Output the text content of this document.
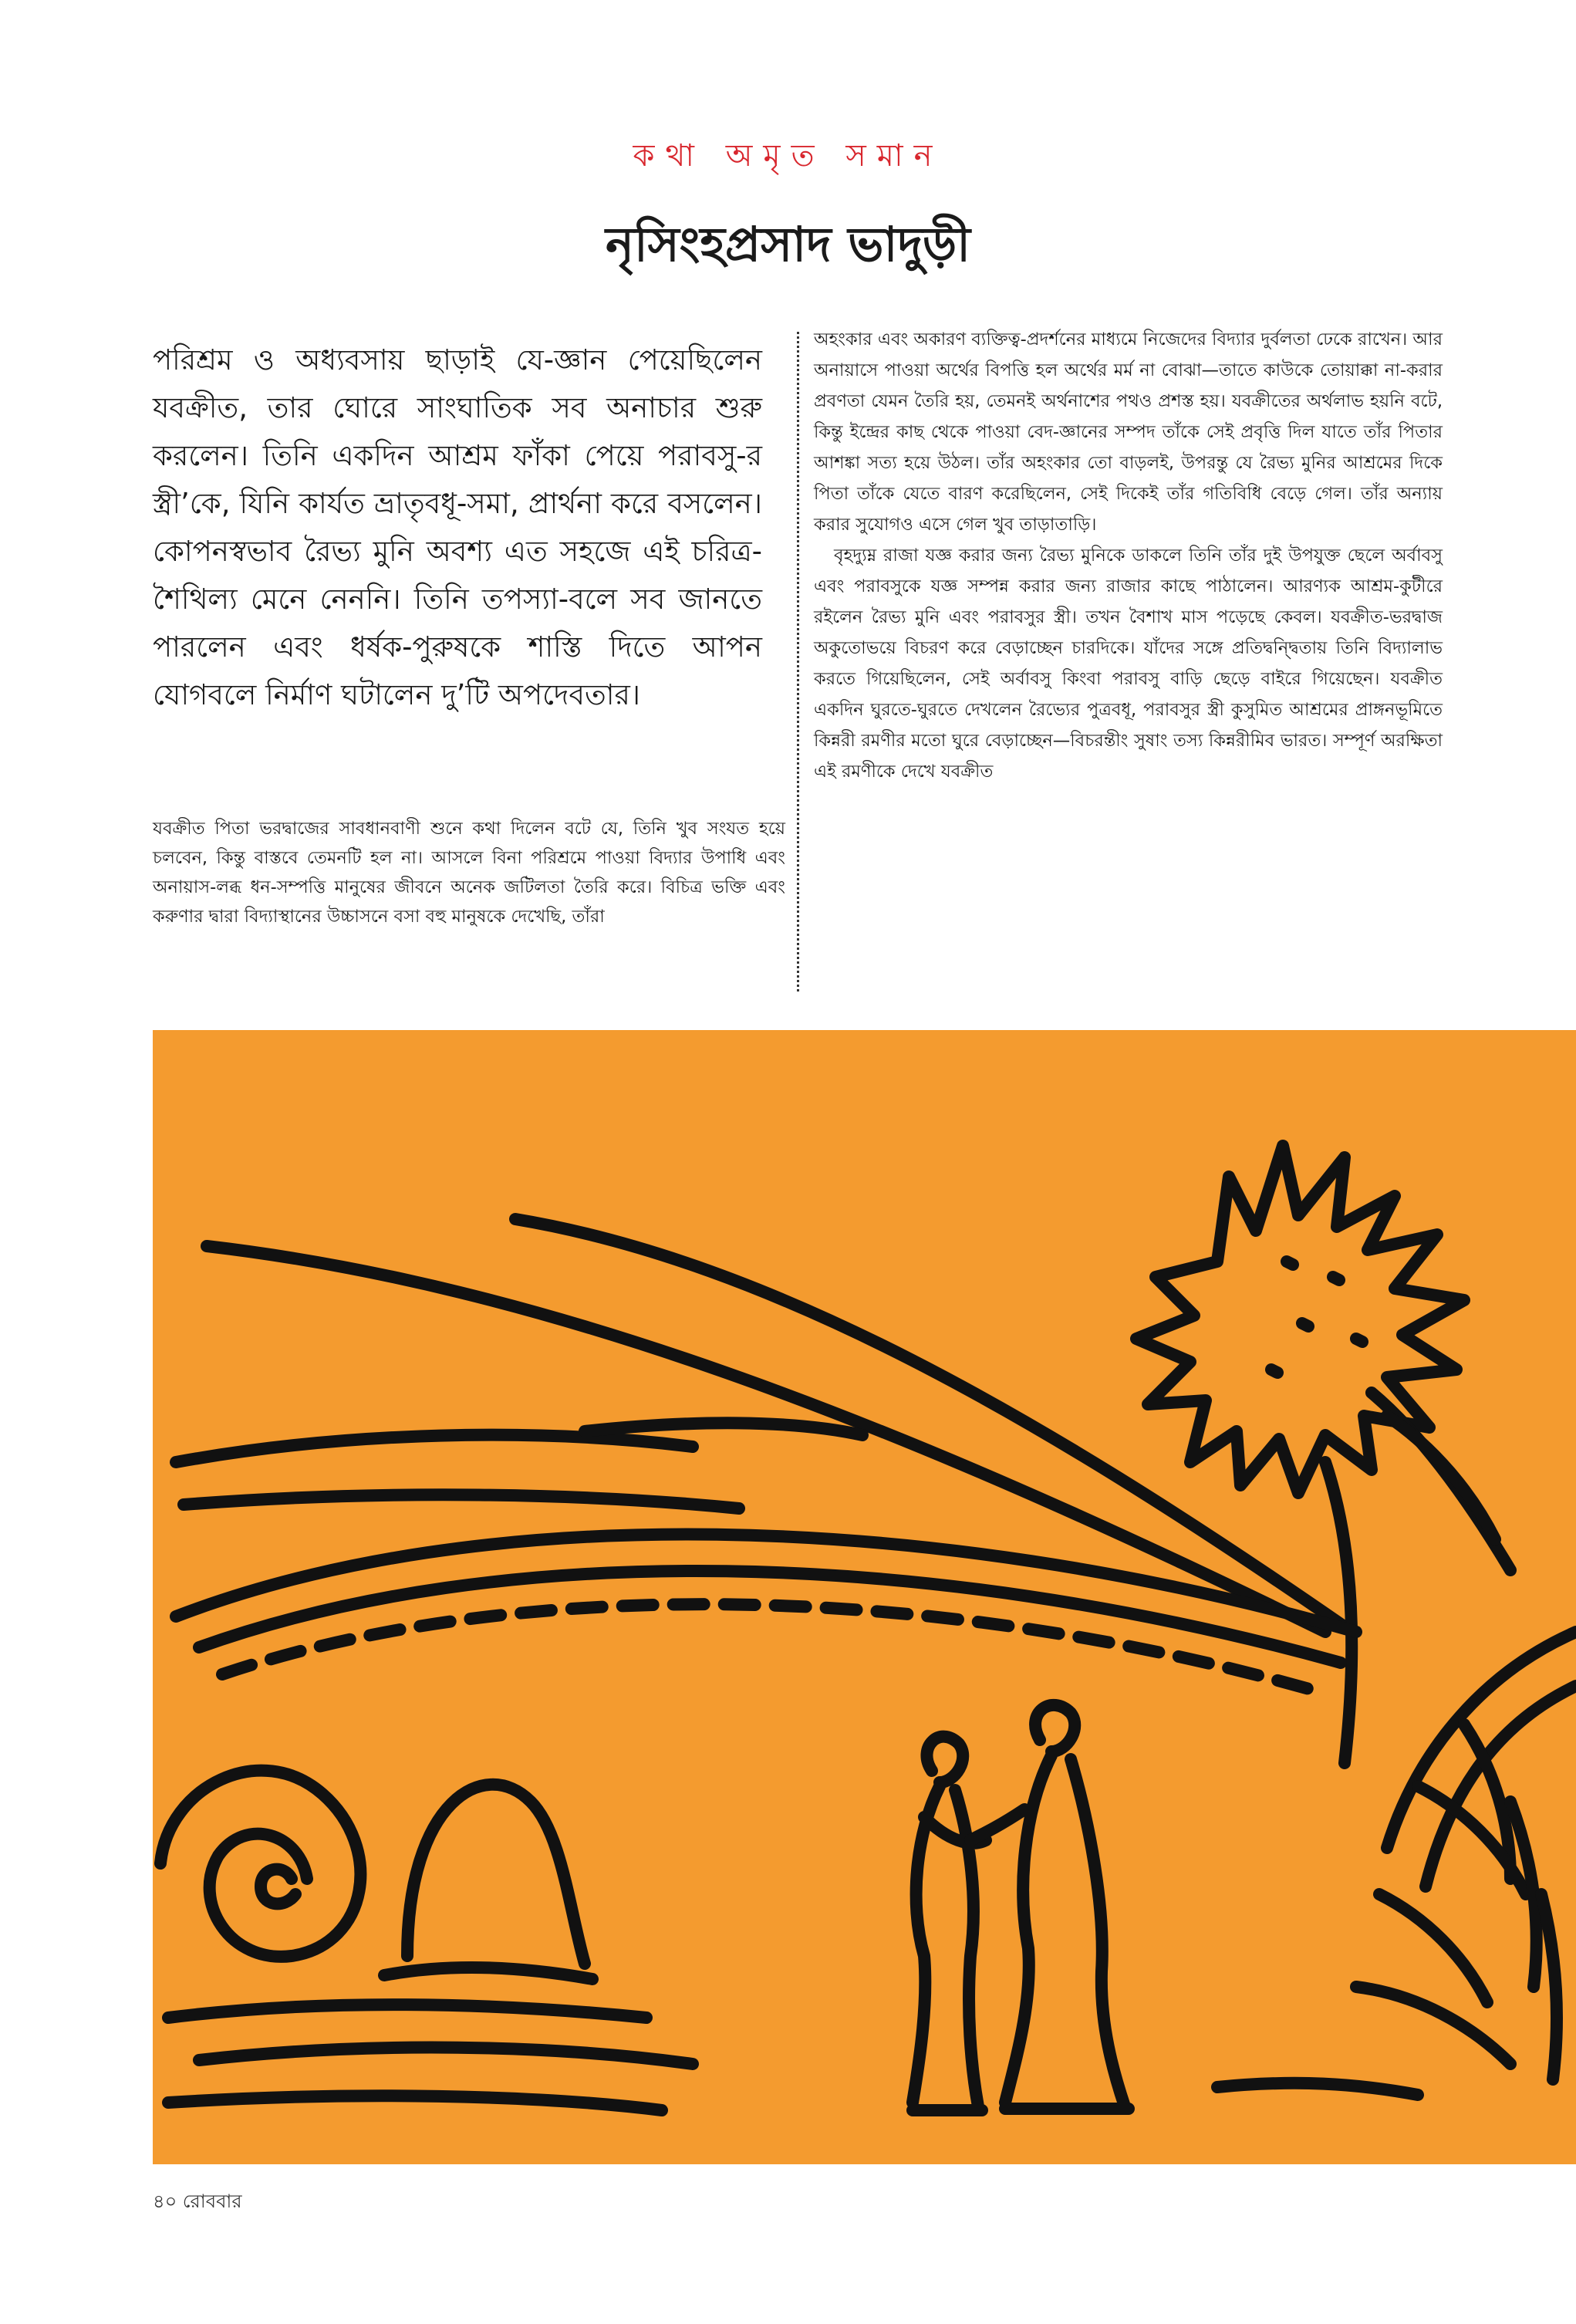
কথা অমৃত সমান
নৃসিংহপ্রসাদ ভাদুড়ী
পরিশ্রম ও অধ্যবসায় ছাড়াই যে-জ্ঞান পেয়েছিলেন যবক্রীত, তার ঘোরে সাংঘাতিক সব অনাচার শুরু করলেন। তিনি একদিন আশ্রম ফাঁকা পেয়ে পরাবসু-র স্ত্রী’কে, যিনি কার্যত ভ্রাতৃবধূ-সমা, প্রার্থনা করে বসলেন। কোপনস্বভাব রৈভ্য মুনি অবশ্য এত সহজে এই চরিত্র-শৈথিল্য মেনে নেননি। তিনি তপস্যা-বলে সব জানতে পারলেন এবং ধর্ষক-পুরুষকে শাস্তি দিতে আপন যোগবলে নির্মাণ ঘটালেন দু’টি অপদেবতার।
যবক্রীত পিতা ভরদ্বাজের সাবধানবাণী শুনে কথা দিলেন বটে যে, তিনি খুব সংযত হয়ে চলবেন, কিন্তু বাস্তবে তেমনটি হল না। আসলে বিনা পরিশ্রমে পাওয়া বিদ্যার উপাধি এবং অনায়াস-লব্ধ ধন-সম্পত্তি মানুষের জীবনে অনেক জটিলতা তৈরি করে। বিচিত্র ভক্তি এবং করুণার দ্বারা বিদ্যাস্থানের উচ্চাসনে বসা বহু মানুষকে দেখেছি, তাঁরা

অহংকার এবং অকারণ ব্যক্তিত্ব-প্রদর্শনের মাধ্যমে নিজেদের বিদ্যার দুর্বলতা ঢেকে রাখেন। আর অনায়াসে পাওয়া অর্থের বিপত্তি হল অর্থের মর্ম না বোঝা—তাতে কাউকে তোয়াক্কা না-করার প্রবণতা যেমন তৈরি হয়, তেমনই অর্থনাশের পথও প্রশস্ত হয়। যবক্রীতের অর্থলাভ হয়নি বটে, কিন্তু ইন্দ্রের কাছ থেকে পাওয়া বেদ-জ্ঞানের সম্পদ তাঁকে সেই প্রবৃত্তি দিল যাতে তাঁর পিতার আশঙ্কা সত্য হয়ে উঠল। তাঁর অহংকার তো বাড়লই, উপরন্তু যে রৈভ্য মুনির আশ্রমের দিকে পিতা তাঁকে যেতে বারণ করেছিলেন, সেই দিকেই তাঁর গতিবিধি বেড়ে গেল। তাঁর অন্যায় করার সুযোগও এসে গেল খুব তাড়াতাড়ি।

বৃহদ্যুম্ন রাজা যজ্ঞ করার জন্য রৈভ্য মুনিকে ডাকলে তিনি তাঁর দুই উপযুক্ত ছেলে অর্বাবসু এবং পরাবসুকে যজ্ঞ সম্পন্ন করার জন্য রাজার কাছে পাঠালেন। আরণ্যক আশ্রম-কুটীরে রইলেন রৈভ্য মুনি এবং পরাবসুর স্ত্রী। তখন বৈশাখ মাস পড়েছে কেবল। যবক্রীত-ভরদ্বাজ অকুতোভয়ে বিচরণ করে বেড়াচ্ছেন চারদিকে। যাঁদের সঙ্গে প্রতিদ্বন্দ্বিতায় তিনি বিদ্যালাভ করতে গিয়েছিলেন, সেই অর্বাবসু কিংবা পরাবসু বাড়ি ছেড়ে বাইরে গিয়েছেন। যবক্রীত একদিন ঘুরতে-ঘুরতে দেখলেন রৈভ্যের পুত্রবধূ, পরাবসুর স্ত্রী কুসুমিত আশ্রমের প্রাঙ্গনভূমিতে কিন্নরী রমণীর মতো ঘুরে বেড়াচ্ছেন—বিচরন্তীং সুষাং তস্য কিন্নরীমিব ভারত। সম্পূর্ণ অরক্ষিতা এই রমণীকে দেখে যবক্রীত

৪০ রোববার
